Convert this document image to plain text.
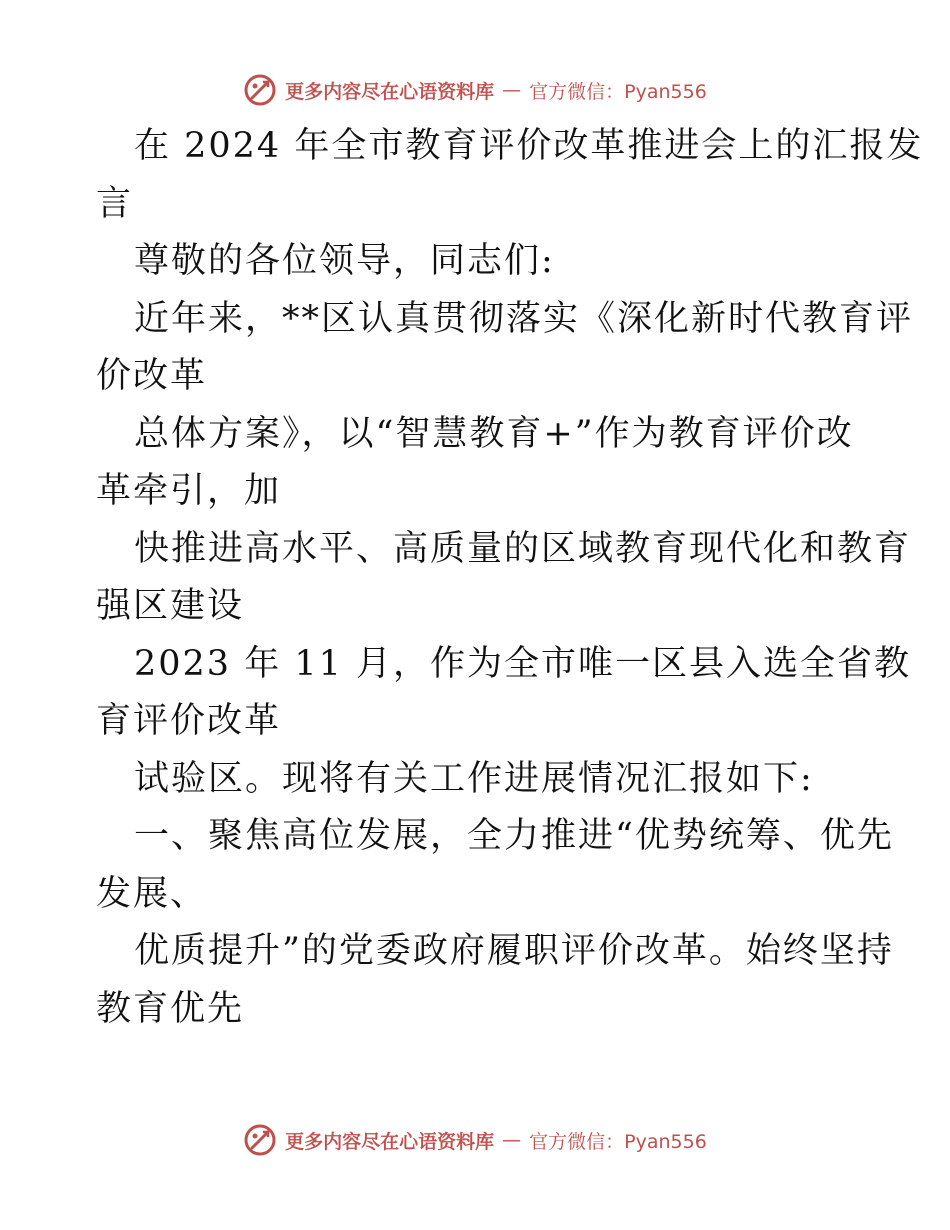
更多内容尽在心语资料库 — 官方微信：Pyan556
在 2024 年全市教育评价改革推进会上的汇报发
言
尊敬的各位领导，同志们:
近年来，**区认真贯彻落实《深化新时代教育评
价改革
总体方案》，以“智慧教育+”作为教育评价改
革牵引，加
快推进高水平、高质量的区域教育现代化和教育
强区建设
2023 年 11 月，作为全市唯一区县入选全省教
育评价改革
试验区。现将有关工作进展情况汇报如下:
一、聚焦高位发展，全力推进“优势统筹、优先
发展、
优质提升”的党委政府履职评价改革。始终坚持
教育优先
更多内容尽在心语资料库 — 官方微信：Pyan556
